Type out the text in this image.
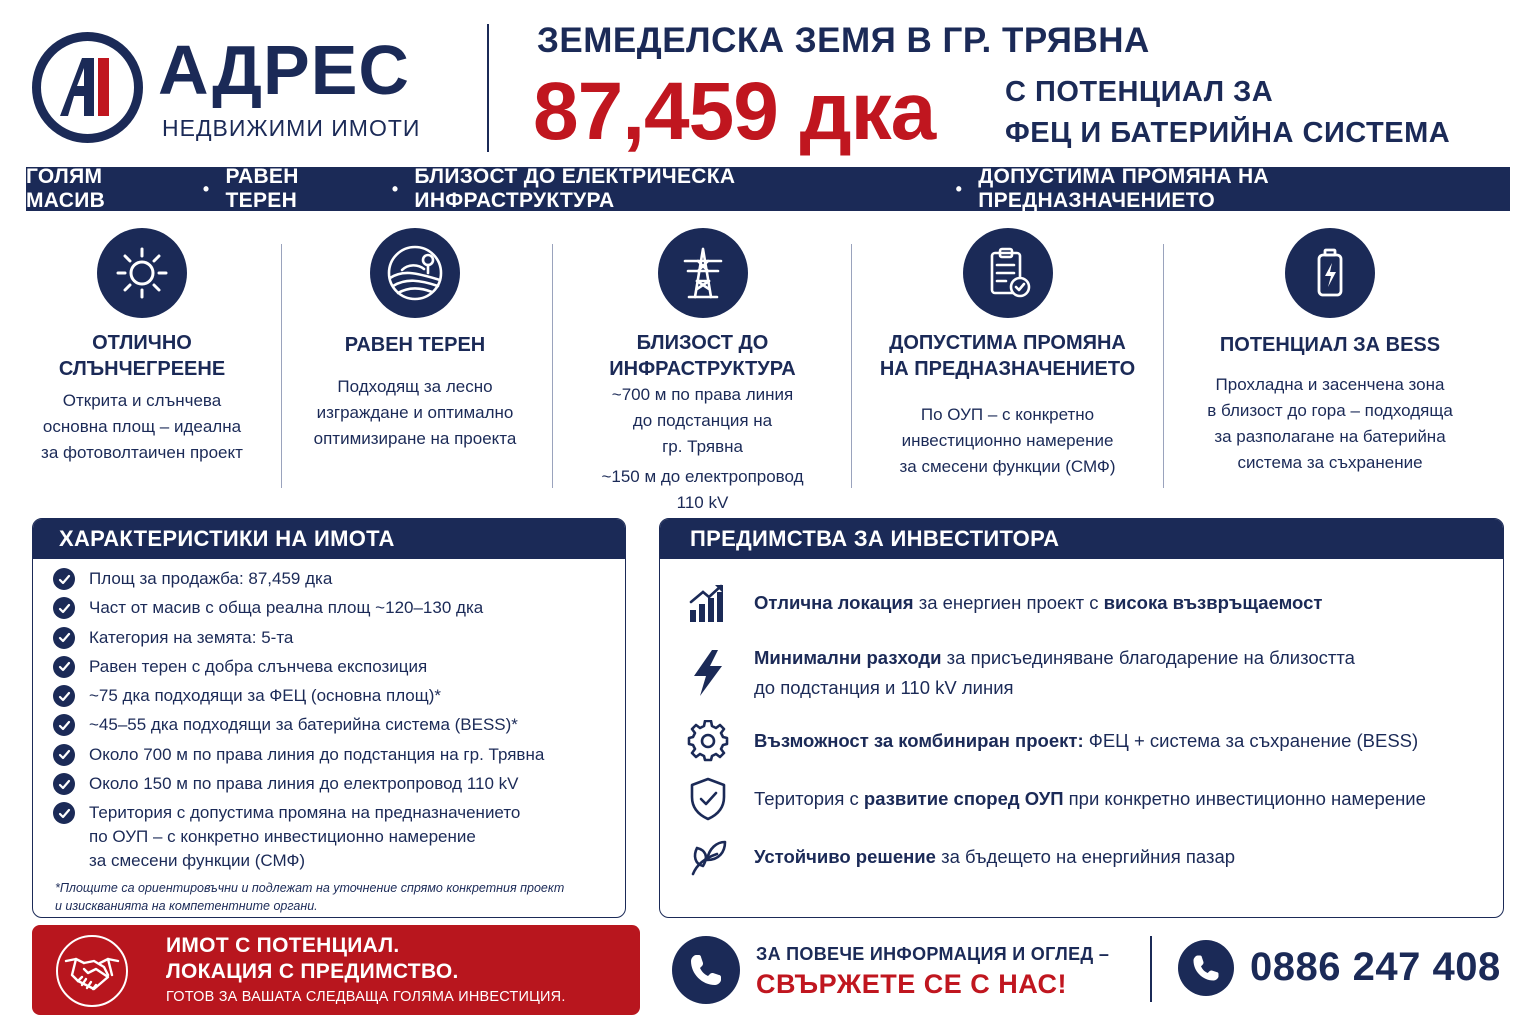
АДРЕС
НЕДВИЖИМИ ИМОТИ
ЗЕМЕДЕЛСКА ЗЕМЯ В ГР. ТРЯВНА
87,459 дка С ПОТЕНЦИАЛ ЗА
ФЕЦ И БАТЕРИЙНА СИСТЕМА
ГОЛЯМ МАСИВ
•
РАВЕН ТЕРЕН
•
БЛИЗОСТ ДО ЕЛЕКТРИЧЕСКА ИНФРАСТРУКТУРА
•
ДОПУСТИМА ПРОМЯНА НА ПРЕДНАЗНАЧЕНИЕТО
ОТЛИЧНО
СЛЪНЧЕГРЕЕНЕ
Открита и слънчева
основна площ – идеална
за фотоволтаичен проект
РАВЕН ТЕРЕН
Подходящ за лесно
изграждане и оптимално
оптимизиране на проекта
БЛИЗОСТ ДО
ИНФРАСТРУКТУРА
~700 м по права линия
до подстанция на
гр. Трявна
~150 м до електропровод
110 kV
ДОПУСТИМА ПРОМЯНА
НА ПРЕДНАЗНАЧЕНИЕТО
По ОУП – с конкретно
инвестиционно намерение
за смесени функции (СМФ)
ПОТЕНЦИАЛ ЗА BESS
Прохладна и засенчена зона
в близост до гора – подходяща
за разполагане на батерийна
система за съхранение
ХАРАКТЕРИСТИКИ НА ИМОТА
Площ за продажба: 87,459 дка
Част от масив с обща реална площ ~120–130 дка
Категория на земята: 5-та
Равен терен с добра слънчева експозиция
~75 дка подходящи за ФЕЦ (основна площ)*
~45–55 дка подходящи за батерийна система (BESS)*
Около 700 м по права линия до подстанция на гр. Трявна
Около 150 м по права линия до електропровод 110 kV
Територия с допустима промяна на предназначението
по ОУП – с конкретно инвестиционно намерение
за смесени функции (СМФ)
*Площите са ориентировъчни и подлежат на уточнение спрямо конкретния проект
и изискванията на компетентните органи.
ПРЕДИМСТВА ЗА ИНВЕСТИТОРА
Отлична локация за енергиен проект с висока възвръщаемост
Минимални разходи за присъединяване благодарение на близостта
до подстанция и 110 kV линия
Възможност за комбиниран проект: ФЕЦ + система за съхранение (BESS)
Територия с развитие според ОУП при конкретно инвестиционно намерение
Устойчиво решение за бъдещето на енергийния пазар
ИМОТ С ПОТЕНЦИАЛ.
ЛОКАЦИЯ С ПРЕДИМСТВО.
ГОТОВ ЗА ВАШАТА СЛЕДВАЩА ГОЛЯМА ИНВЕСТИЦИЯ.
ЗА ПОВЕЧЕ ИНФОРМАЦИЯ И ОГЛЕД –
СВЪРЖЕТЕ СЕ С НАС!	0886 247 408
